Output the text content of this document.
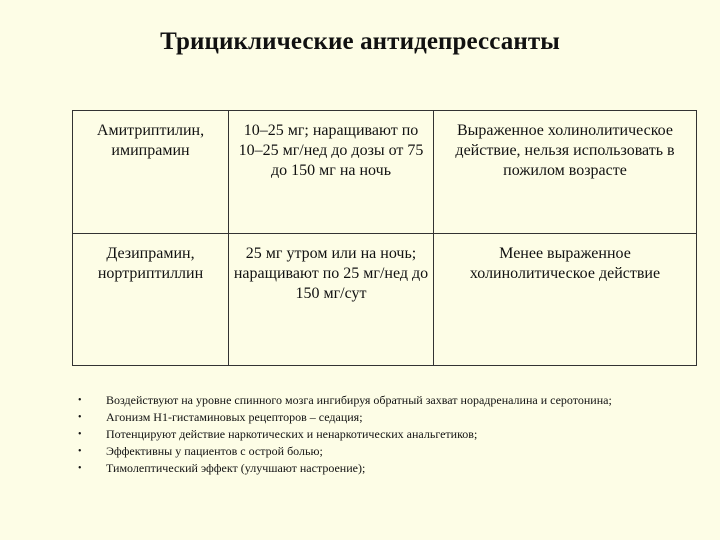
Трициклические антидепрессанты
Амитриптилин, имипрамин	10–25 мг; наращивают по 10–25 мг/нед до дозы от 75 до 150 мг на ночь	Выраженное холинолитическое действие, нельзя использовать в пожилом возрасте
Дезипрамин, нортриптиллин	25 мг утром или на ночь; наращивают по 25 мг/нед до 150 мг/сут	Менее выраженное холинолитическое действие
• Воздействуют на уровне спинного мозга ингибируя обратный захват норадреналина и серотонина;
• Агонизм Н1-гистаминовых рецепторов – седация;
• Потенцируют действие наркотических и ненаркотических анальгетиков;
• Эффективны у пациентов с острой болью;
• Тимолептический эффект (улучшают настроение);
